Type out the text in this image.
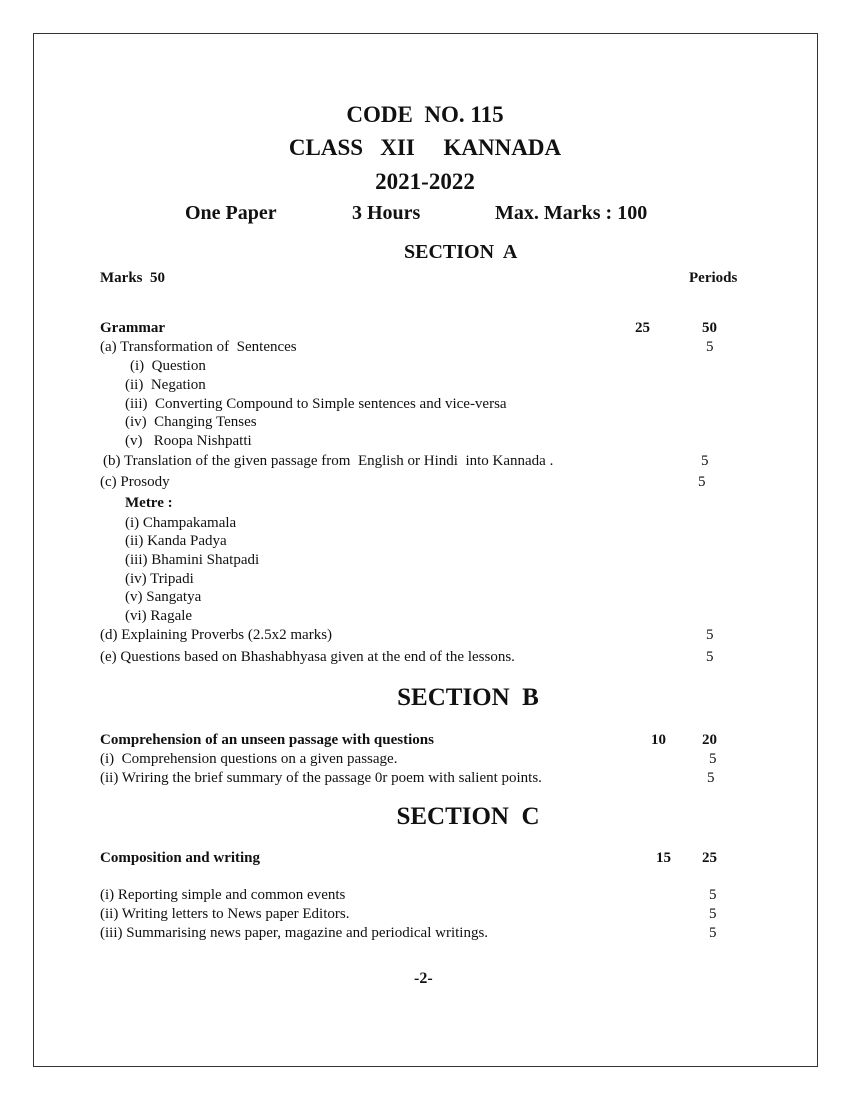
CODE  NO. 115
CLASS   XII     KANNADA
2021-2022
One Paper	3 Hours	Max. Marks : 100
SECTION  A
Marks  50	Periods
Grammar	25	50
(a) Transformation of  Sentences	5
(i)  Question
(ii)  Negation
(iii)  Converting Compound to Simple sentences and vice-versa
(iv)  Changing Tenses
(v)   Roopa Nishpatti
(b) Translation of the given passage from  English or Hindi  into Kannada .	5
(c) Prosody	5
Metre :
(i) Champakamala
(ii) Kanda Padya
(iii) Bhamini Shatpadi
(iv) Tripadi
(v) Sangatya
(vi) Ragale
(d) Explaining Proverbs (2.5x2 marks)	5
(e) Questions based on Bhashabhyasa given at the end of the lessons.	5
SECTION  B
Comprehension of an unseen passage with questions	10 20
(i)  Comprehension questions on a given passage.	5
(ii) Wriring the brief summary of the passage 0r poem with salient points.	5
SECTION  C
Composition and writing	15 25
(i) Reporting simple and common events	5
(ii) Writing letters to News paper Editors.	5
(iii) Summarising news paper, magazine and periodical writings.	5
-2-
